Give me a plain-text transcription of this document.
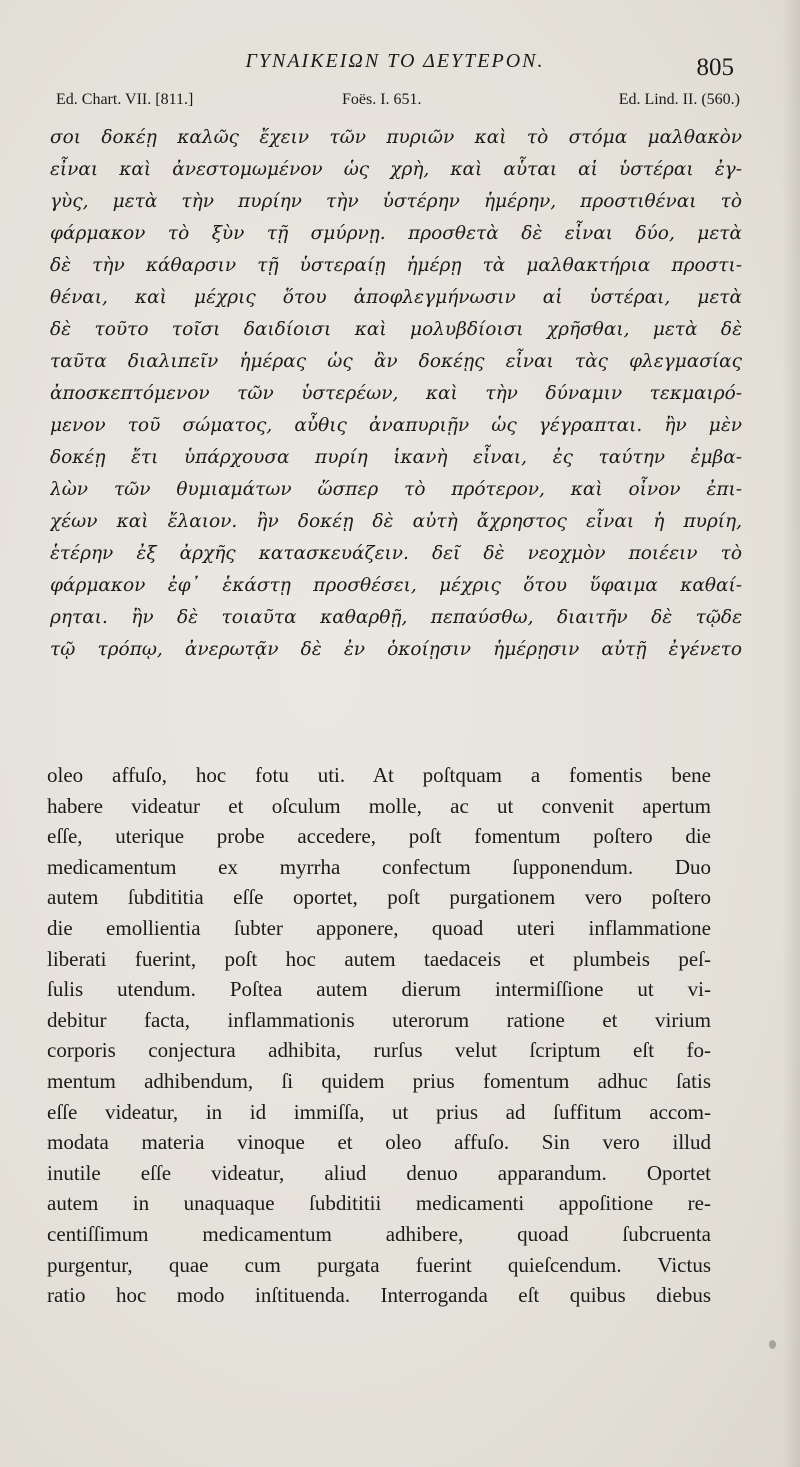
ΓΥΝΑΙΚΕΙΩΝ ΤΟ ΔΕΥΤΕΡΟΝ.	805
Ed. Chart. VII. [811.]	Foës. I. 651.	Ed. Lind. II. (560.)
σοι δοκέῃ καλῶς ἔχειν τῶν πυριῶν καὶ τὸ στόμα μαλθακὸν
εἶναι καὶ ἀνεστομωμένον ὡς χρὴ, καὶ αὗται αἱ ὑστέραι ἐγ-
γὺς, μετὰ τὴν πυρίην τὴν ὑστέρην ἡμέρην, προστιθέναι τὸ
φάρμακον τὸ ξὺν τῇ σμύρνῃ. προσθετὰ δὲ εἶναι δύο, μετὰ
δὲ τὴν κάθαρσιν τῇ ὑστεραίῃ ἡμέρῃ τὰ μαλθακτήρια προστι-
θέναι, καὶ μέχρις ὅτου ἀποφλεγμήνωσιν αἱ ὑστέραι, μετὰ
δὲ τοῦτο τοῖσι δαιδίοισι καὶ μολυβδίοισι χρῆσθαι, μετὰ δὲ
ταῦτα διαλιπεῖν ἡμέρας ὡς ἂν δοκέῃς εἶναι τὰς φλεγμασίας
ἀποσκεπτόμενον τῶν ὑστερέων, καὶ τὴν δύναμιν τεκμαιρό-
μενον τοῦ σώματος, αὖθις ἀναπυριῇν ὡς γέγραπται. ἢν μὲν
δοκέῃ ἔτι ὑπάρχουσα πυρίη ἱκανὴ εἶναι, ἐς ταύτην ἐμβα-
λὼν τῶν θυμιαμάτων ὥσπερ τὸ πρότερον, καὶ οἶνον ἐπι-
χέων καὶ ἔλαιον. ἢν δοκέῃ δὲ αὐτὴ ἄχρηστος εἶναι ἡ πυρίη,
ἑτέρην ἐξ ἀρχῆς κατασκευάζειν. δεῖ δὲ νεοχμὸν ποιέειν τὸ
φάρμακον ἐφ᾽ ἑκάστῃ προσθέσει, μέχρις ὅτου ὕφαιμα καθαί-
ρηται. ἢν δὲ τοιαῦτα καθαρθῇ, πεπαύσθω, διαιτῆν δὲ τῷδε
τῷ τρόπῳ, ἀνερωτᾷν δὲ ἐν ὁκοίῃσιν ἡμέρῃσιν αὐτῇ ἐγένετο
oleo affuſo, hoc fotu uti. At poſtquam a fomentis bene
habere videatur et oſculum molle, ac ut convenit apertum
eſſe, uterique probe accedere, poſt fomentum poſtero die
medicamentum ex myrrha confectum ſupponendum. Duo
autem ſubdititia eſſe oportet, poſt purgationem vero poſtero
die emollientia ſubter apponere, quoad uteri inflammatione
liberati fuerint, poſt hoc autem taedaceis et plumbeis peſ-
ſulis utendum. Poſtea autem dierum intermiſſione ut vi-
debitur facta, inflammationis uterorum ratione et virium
corporis conjectura adhibita, rurſus velut ſcriptum eſt fo-
mentum adhibendum, ſi quidem prius fomentum adhuc ſatis
eſſe videatur, in id immiſſa, ut prius ad ſuffitum accom-
modata materia vinoque et oleo affuſo. Sin vero illud
inutile eſſe videatur, aliud denuo apparandum. Oportet
autem in unaquaque ſubdititii medicamenti appoſitione re-
centiſſimum medicamentum adhibere, quoad ſubcruenta
purgentur, quae cum purgata fuerint quieſcendum. Victus
ratio hoc modo inſtituenda. Interroganda eſt quibus diebus
